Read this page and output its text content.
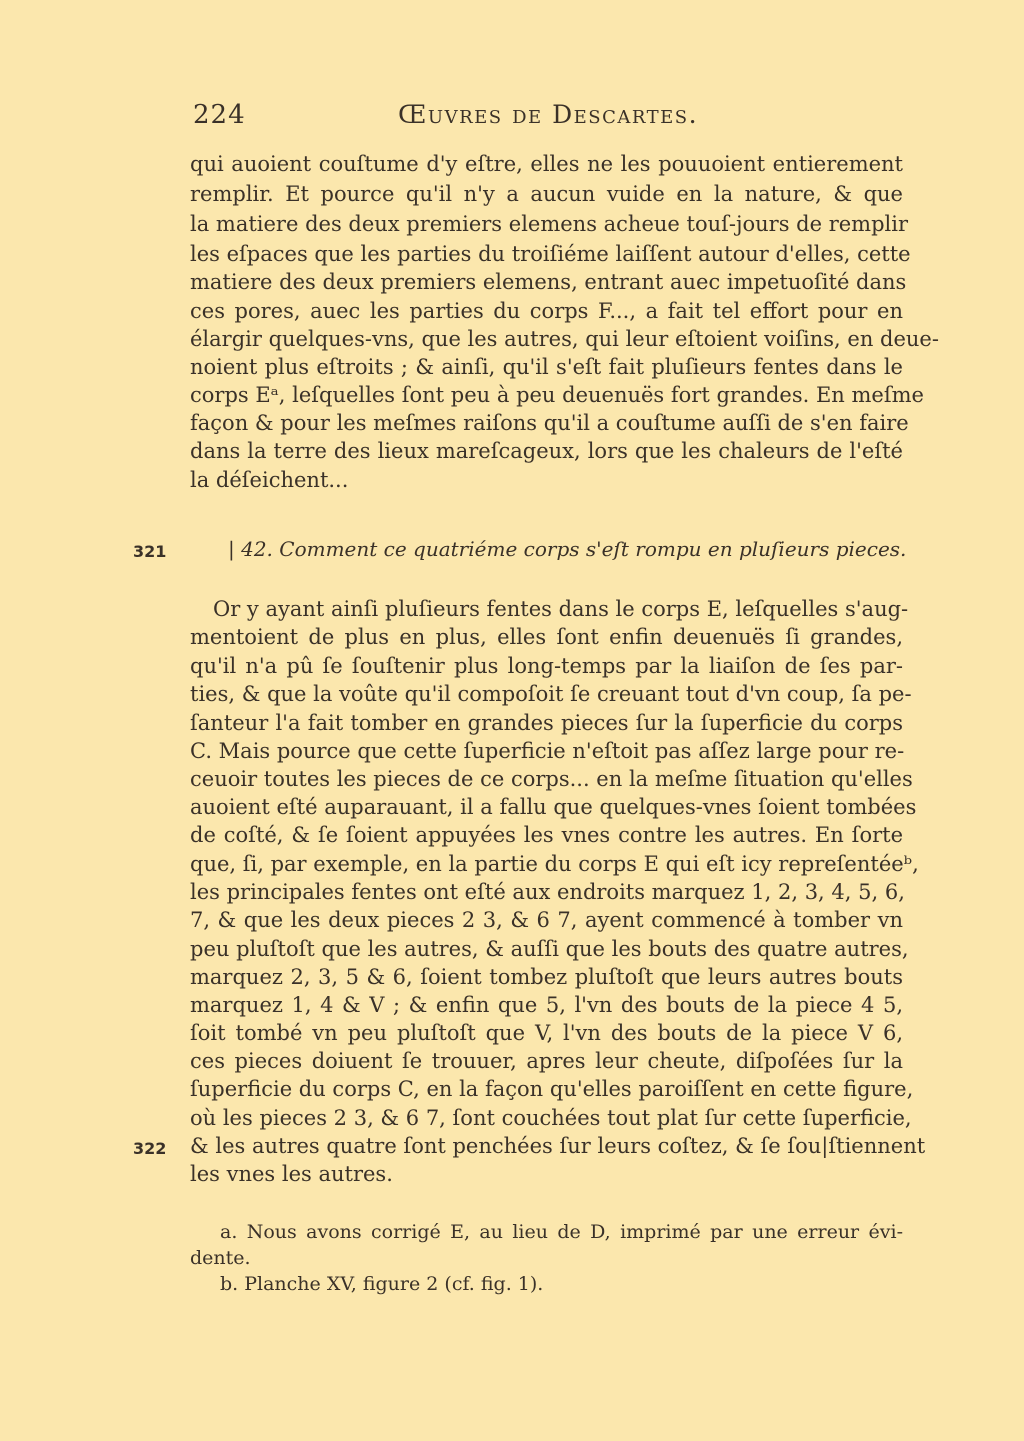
224	Œuvres de Descartes.
qui auoient couſtume d'y eſtre, elles ne les pouuoient entierement
remplir. Et pource qu'il n'y a aucun vuide en la nature, & que
la matiere des deux premiers elemens acheue touſ-jours de remplir
les eſpaces que les parties du troiſiéme laiſſent autour d'elles, cette
matiere des deux premiers elemens, entrant auec impetuoſité dans
ces pores, auec les parties du corps F..., a fait tel effort pour en
élargir quelques-vns, que les autres, qui leur eſtoient voiſins, en deue-
noient plus eſtroits ; & ainſi, qu'il s'eſt fait pluſieurs fentes dans le
corps Eᵃ, leſquelles ſont peu à peu deuenuës fort grandes. En meſme
façon & pour les meſmes raiſons qu'il a couſtume auſſi de s'en faire
dans la terre des lieux mareſcageux, lors que les chaleurs de l'eſté
la déſeichent...
321	| 42. Comment ce quatriéme corps s'eſt rompu en pluſieurs pieces.
Or y ayant ainſi pluſieurs fentes dans le corps E, leſquelles s'aug-
mentoient de plus en plus, elles ſont enfin deuenuës ſi grandes,
qu'il n'a pû ſe ſouſtenir plus long-temps par la liaiſon de ſes par-
ties, & que la voûte qu'il compoſoit ſe creuant tout d'vn coup, ſa pe-
ſanteur l'a fait tomber en grandes pieces ſur la ſuperficie du corps
C. Mais pource que cette ſuperficie n'eſtoit pas aſſez large pour re-
ceuoir toutes les pieces de ce corps... en la meſme ſituation qu'elles
auoient eſté auparauant, il a fallu que quelques-vnes ſoient tombées
de coſté, & ſe ſoient appuyées les vnes contre les autres. En ſorte
que, ſi, par exemple, en la partie du corps E qui eſt icy repreſentéeᵇ,
les principales fentes ont eſté aux endroits marquez 1, 2, 3, 4, 5, 6,
7, & que les deux pieces 2 3, & 6 7, ayent commencé à tomber vn
peu pluſtoſt que les autres, & auſſi que les bouts des quatre autres,
marquez 2, 3, 5 & 6, ſoient tombez pluſtoſt que leurs autres bouts
marquez 1, 4 & V ; & enfin que 5, l'vn des bouts de la piece 4 5,
ſoit tombé vn peu pluſtoſt que V, l'vn des bouts de la piece V 6,
ces pieces doiuent ſe trouuer, apres leur cheute, diſpoſées ſur la
ſuperficie du corps C, en la façon qu'elles paroiſſent en cette figure,
où les pieces 2 3, & 6 7, ſont couchées tout plat ſur cette ſuperficie,
& les autres quatre ſont penchées ſur leurs coſtez, & ſe ſou|ſtiennent
les vnes les autres.
322
a. Nous avons corrigé E, au lieu de D, imprimé par une erreur évi-
dente.
b. Planche XV, figure 2 (cf. fig. 1).
